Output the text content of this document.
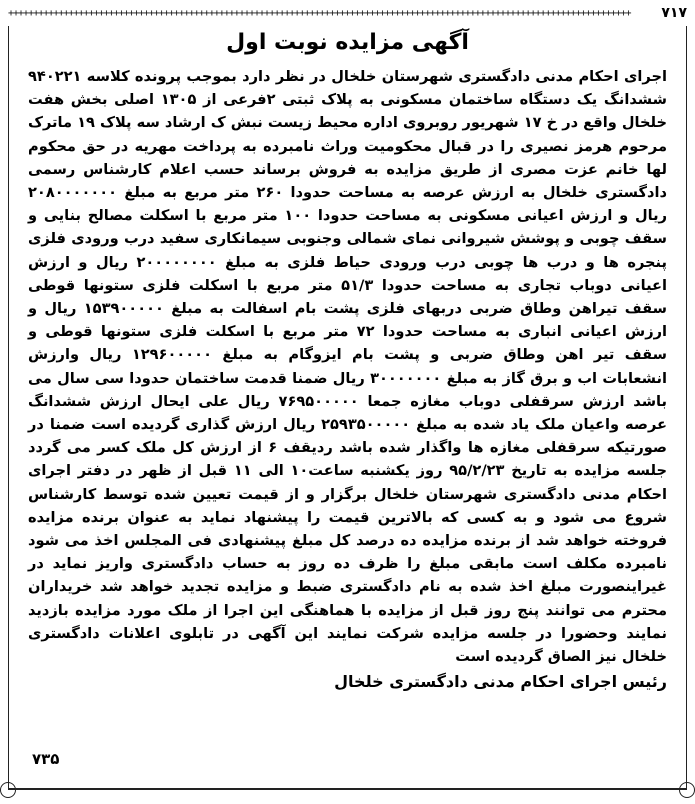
++++++++++++++++++++++++++++++++++++++++++++++++++++++++++++++++++++++++++++++++++++++++++++++++++++++++++++++++++++++++++++	۷۱۷
آگهی مزایده نوبت اول

اجرای احکام مدنی دادگستری شهرستان خلخال در نظر دارد بموجب پرونده کلاسه ۹۴۰۲۲۱ ششدانگ یک دستگاه ساختمان مسکونی به پلاک ثبتی ۲فرعی از ۱۳۰۵ اصلی بخش هفت خلخال واقع در خ ۱۷ شهریور روبروی اداره محیط زیست نبش ک ارشاد سه پلاک ۱۹ ماترک مرحوم هرمز نصیری را در قبال محکومیت وراث نامبرده به پرداخت مهریه در حق محکوم لها خانم عزت مصری از طریق مزایده به فروش برساند حسب اعلام کارشناس رسمی دادگستری خلخال به ارزش عرصه به مساحت حدودا ۲۶۰ متر مربع به مبلغ ۲۰۸۰۰۰۰۰۰۰ ریال و ارزش اعیانی مسکونی به مساحت حدودا ۱۰۰ متر مربع با اسکلت مصالح بنایی و سقف چوبی و پوشش شیروانی نمای شمالی وجنوبی سیمانکاری سفید درب ورودی فلزی پنجره ها و درب ها چوبی درب ورودی حیاط فلزی به مبلغ ۲۰۰۰۰۰۰۰۰ ریال و ارزش اعیانی دوباب تجاری به مساحت حدودا ۵۱/۳ متر مربع با اسکلت فلزی ستونها قوطی سقف تیراهن وطاق ضربی دربهای فلزی پشت بام اسفالت به مبلغ ۱۵۳۹۰۰۰۰۰ ریال و ارزش اعیانی انباری به مساحت حدودا ۷۲ متر مربع با اسکلت فلزی ستونها قوطی و سقف تیر اهن وطاق ضربی و پشت بام ایزوگام به مبلغ ۱۲۹۶۰۰۰۰۰ ریال وارزش انشعابات اب و برق گاز به مبلغ ۳۰۰۰۰۰۰۰ ریال ضمنا قدمت ساختمان حدودا سی سال می باشد ارزش سرقفلی دوباب مغازه جمعا ۷۶۹۵۰۰۰۰۰ ریال علی ایحال ارزش ششدانگ عرصه واعیان ملک یاد شده به مبلغ ۲۵۹۳۵۰۰۰۰۰ ریال ارزش گذاری گردیده است ضمنا در صورتیکه سرقفلی مغازه ها واگذار شده باشد ردیقف ۶ از ارزش کل ملک کسر می گردد جلسه مزایده به تاریخ ۹۵/۲/۲۳ روز یکشنبه ساعت۱۰ الی ۱۱ قبل از ظهر در دفتر اجرای احکام مدنی دادگستری شهرستان خلخال برگزار و از قیمت تعیین شده توسط کارشناس شروع می شود و به کسی که بالاترین قیمت را پیشنهاد نماید به عنوان برنده مزایده فروخته خواهد شد از برنده مزایده ده درصد کل مبلغ پیشنهادی فی المجلس اخذ می شود نامبرده مکلف است مابقی مبلغ را ظرف ده روز به حساب دادگستری واریز نماید در غیراینصورت مبلغ اخذ شده به نام دادگستری ضبط و مزایده تجدید خواهد شد خریداران محترم می توانند پنج روز قبل از مزایده با هماهنگی این اجرا از ملک مورد مزایده بازدید نمایند وحضورا در جلسه مزایده شرکت نمایند این آگهی در تابلوی اعلانات دادگستری خلخال نیز الصاق گردیده است

رئیس اجرای احکام مدنی دادگستری خلخال
۷۳۵
